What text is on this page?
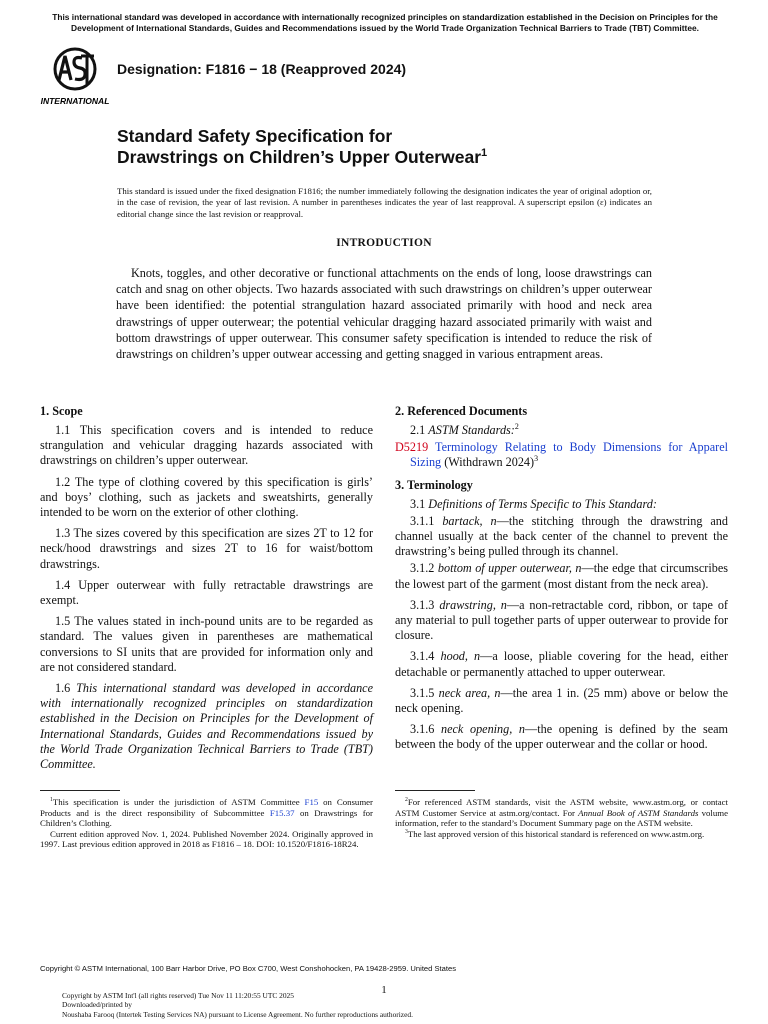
This international standard was developed in accordance with internationally recognized principles on standardization established in the Decision on Principles for the Development of International Standards, Guides and Recommendations issued by the World Trade Organization Technical Barriers to Trade (TBT) Committee.
INTERNATIONAL
Designation: F1816 − 18 (Reapproved 2024)
Standard Safety Specification for
Drawstrings on Children’s Upper Outerwear$^1$
This standard is issued under the fixed designation F1816; the number immediately following the designation indicates the year of original adoption or, in the case of revision, the year of last revision. A number in parentheses indicates the year of last reapproval. A superscript epsilon (ε) indicates an editorial change since the last revision or reapproval.
INTRODUCTION
Knots, toggles, and other decorative or functional attachments on the ends of long, loose drawstrings can catch and snag on other objects. Two hazards associated with such drawstrings on children’s upper outerwear have been identified: the potential strangulation hazard associated primarily with hood and neck area drawstrings of upper outerwear; the potential vehicular dragging hazard associated primarily with waist and bottom drawstrings of upper outerwear. This consumer safety specification is intended to reduce the risk of drawstrings on children’s upper outwear accessing and getting snagged in various entrapment areas.
1. Scope

1.1 This specification covers and is intended to reduce strangulation and vehicular dragging hazards associated with drawstrings on children’s upper outerwear.

1.2 The type of clothing covered by this specification is girls’ and boys’ clothing, such as jackets and sweatshirts, generally intended to be worn on the exterior of other clothing.

1.3 The sizes covered by this specification are sizes 2T to 12 for neck/hood drawstrings and sizes 2T to 16 for waist/bottom drawstrings.

1.4 Upper outerwear with fully retractable drawstrings are exempt.

1.5 The values stated in inch-pound units are to be regarded as standard. The values given in parentheses are mathematical conversions to SI units that are provided for information only and are not considered standard.

1.6 This international standard was developed in accordance with internationally recognized principles on standardization established in the Decision on Principles for the Development of International Standards, Guides and Recommendations issued by the World Trade Organization Technical Barriers to Trade (TBT) Committee.

2. Referenced Documents

2.1 ASTM Standards:$^2$

D5219 Terminology Relating to Body Dimensions for Apparel Sizing (Withdrawn 2024)$^3$

3. Terminology

3.1 Definitions of Terms Specific to This Standard:

3.1.1 bartack, n—the stitching through the drawstring and channel usually at the back center of the channel to prevent the drawstring’s being pulled through its channel.

3.1.2 bottom of upper outerwear, n—the edge that circumscribes the lowest part of the garment (most distant from the neck area).

3.1.3 drawstring, n—a non-retractable cord, ribbon, or tape of any material to pull together parts of upper outerwear to provide for closure.

3.1.4 hood, n—a loose, pliable covering for the head, either detachable or permanently attached to upper outerwear.

3.1.5 neck area, n—the area 1 in. (25 mm) above or below the neck opening.

3.1.6 neck opening, n—the opening is defined by the seam between the body of the upper outerwear and the collar or hood.

$^1$This specification is under the jurisdiction of ASTM Committee F15 on Consumer Products and is the direct responsibility of Subcommittee F15.37 on Drawstrings for Children’s Clothing.

Current edition approved Nov. 1, 2024. Published November 2024. Originally approved in 1997. Last previous edition approved in 2018 as F1816 – 18. DOI: 10.1520/F1816-18R24.

$^2$For referenced ASTM standards, visit the ASTM website, www.astm.org, or contact ASTM Customer Service at astm.org/contact. For Annual Book of ASTM Standards volume information, refer to the standard’s Document Summary page on the ASTM website.

$^3$The last approved version of this historical standard is referenced on www.astm.org.

Copyright © ASTM International, 100 Barr Harbor Drive, PO Box C700, West Conshohocken, PA 19428-2959. United States
1
Copyright by ASTM Int'l (all rights reserved) Tue Nov 11 11:20:55 UTC 2025
Downloaded/printed by
Noushaba Farooq (Intertek Testing Services NA) pursuant to License Agreement. No further reproductions authorized.
